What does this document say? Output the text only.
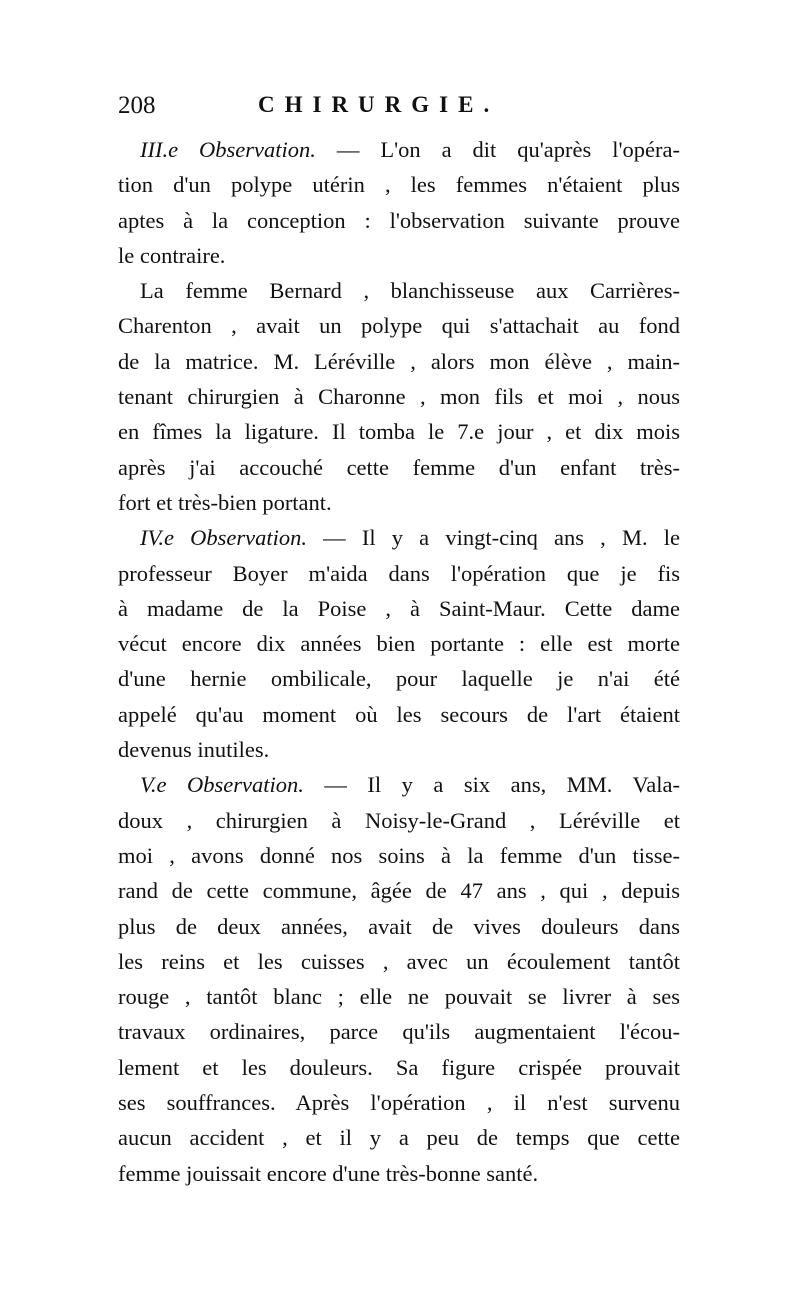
208	CHIRURGIE.
III.e Observation. — L'on a dit qu'après l'opéra-
tion d'un polype utérin , les femmes n'étaient plus
aptes à la conception : l'observation suivante prouve
le contraire.
La femme Bernard , blanchisseuse aux Carrières-
Charenton , avait un polype qui s'attachait au fond
de la matrice. M. Léréville , alors mon élève , main-
tenant chirurgien à Charonne , mon fils et moi , nous
en fîmes la ligature. Il tomba le 7.e jour , et dix mois
après j'ai accouché cette femme d'un enfant très-
fort et très-bien portant.
IV.e Observation. — Il y a vingt-cinq ans , M. le
professeur Boyer m'aida dans l'opération que je fis
à madame de la Poise , à Saint-Maur. Cette dame
vécut encore dix années bien portante : elle est morte
d'une hernie ombilicale, pour laquelle je n'ai été
appelé qu'au moment où les secours de l'art étaient
devenus inutiles.
V.e Observation. — Il y a six ans, MM. Vala-
doux , chirurgien à Noisy-le-Grand , Léréville et
moi , avons donné nos soins à la femme d'un tisse-
rand de cette commune, âgée de 47 ans , qui , depuis
plus de deux années, avait de vives douleurs dans
les reins et les cuisses , avec un écoulement tantôt
rouge , tantôt blanc ; elle ne pouvait se livrer à ses
travaux ordinaires, parce qu'ils augmentaient l'écou-
lement et les douleurs. Sa figure crispée prouvait
ses souffrances. Après l'opération , il n'est survenu
aucun accident , et il y a peu de temps que cette
femme jouissait encore d'une très-bonne santé.
